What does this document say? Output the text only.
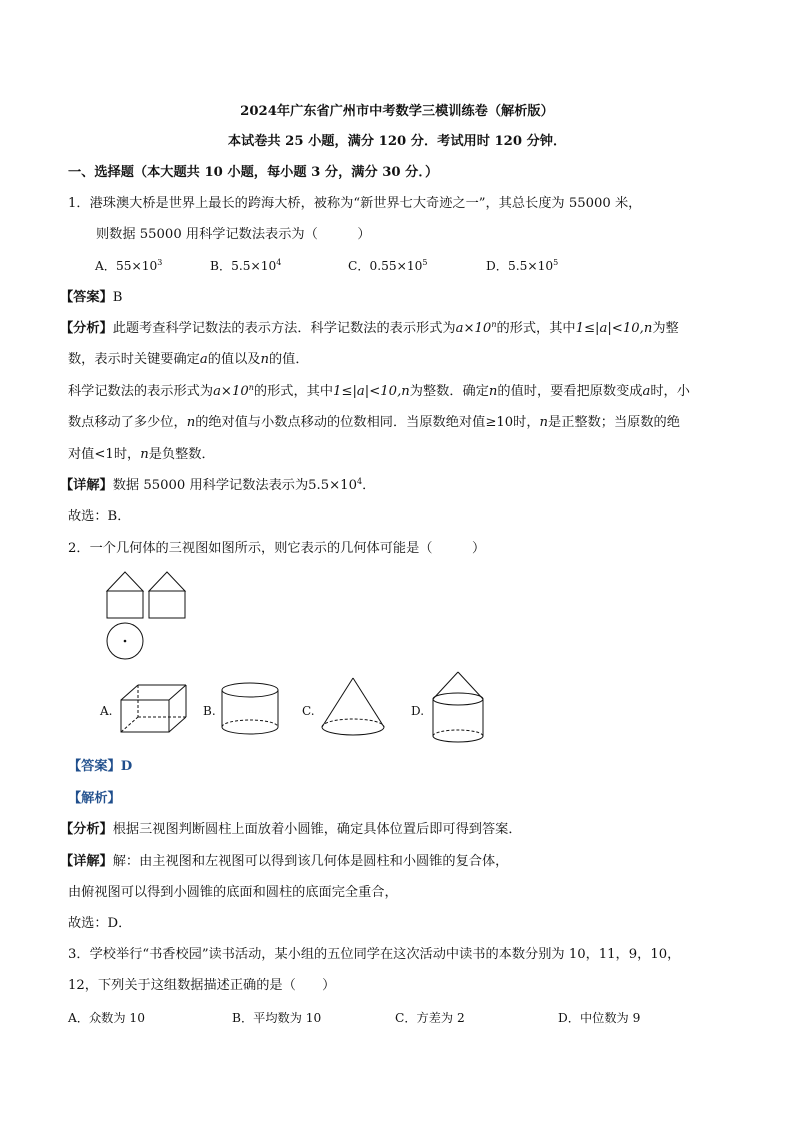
2024年广东省广州市中考数学三模训练卷（解析版）
本试卷共 25 小题，满分 120 分．考试用时 120 分钟．
一、选择题（本大题共 10 小题，每小题 3 分，满分 30 分．）
1．港珠澳大桥是世界上最长的跨海大桥，被称为“新世界七大奇迹之一”，其总长度为 55000 米，
则数据 55000 用科学记数法表示为（　　　）
A．$55\times 10^3$	B．$5.5\times 10^4$	C．$0.55\times 10^5$	D．$5.5\times 10^5$
【答案】B
【分析】此题考查科学记数法的表示方法．科学记数法的表示形式为$a\times 10^n$的形式，其中1≤|a|<10,n为整
数，表示时关键要确定a的值以及n的值．
科学记数法的表示形式为$a\times 10^n$的形式，其中1≤|a|<10,n为整数．确定n的值时，要看把原数变成a时，小
数点移动了多少位，n的绝对值与小数点移动的位数相同．当原数绝对值≥10时，n是正整数；当原数的绝
对值<1时，n是负整数．
【详解】数据 55000 用科学记数法表示为$5.5\times 10^4$．
故选：B．
2．一个几何体的三视图如图所示，则它表示的几何体可能是（　　　）
A.	B.	C.	D.
【答案】D
【解析】
【分析】根据三视图判断圆柱上面放着小圆锥，确定具体位置后即可得到答案．
【详解】解：由主视图和左视图可以得到该几何体是圆柱和小圆锥的复合体，
由俯视图可以得到小圆锥的底面和圆柱的底面完全重合，
故选：D．
3．学校举行“书香校园”读书活动，某小组的五位同学在这次活动中读书的本数分别为 10，11，9，10，
12，下列关于这组数据描述正确的是（　　）
A．众数为 10	B．平均数为 10	C．方差为 2	D．中位数为 9
